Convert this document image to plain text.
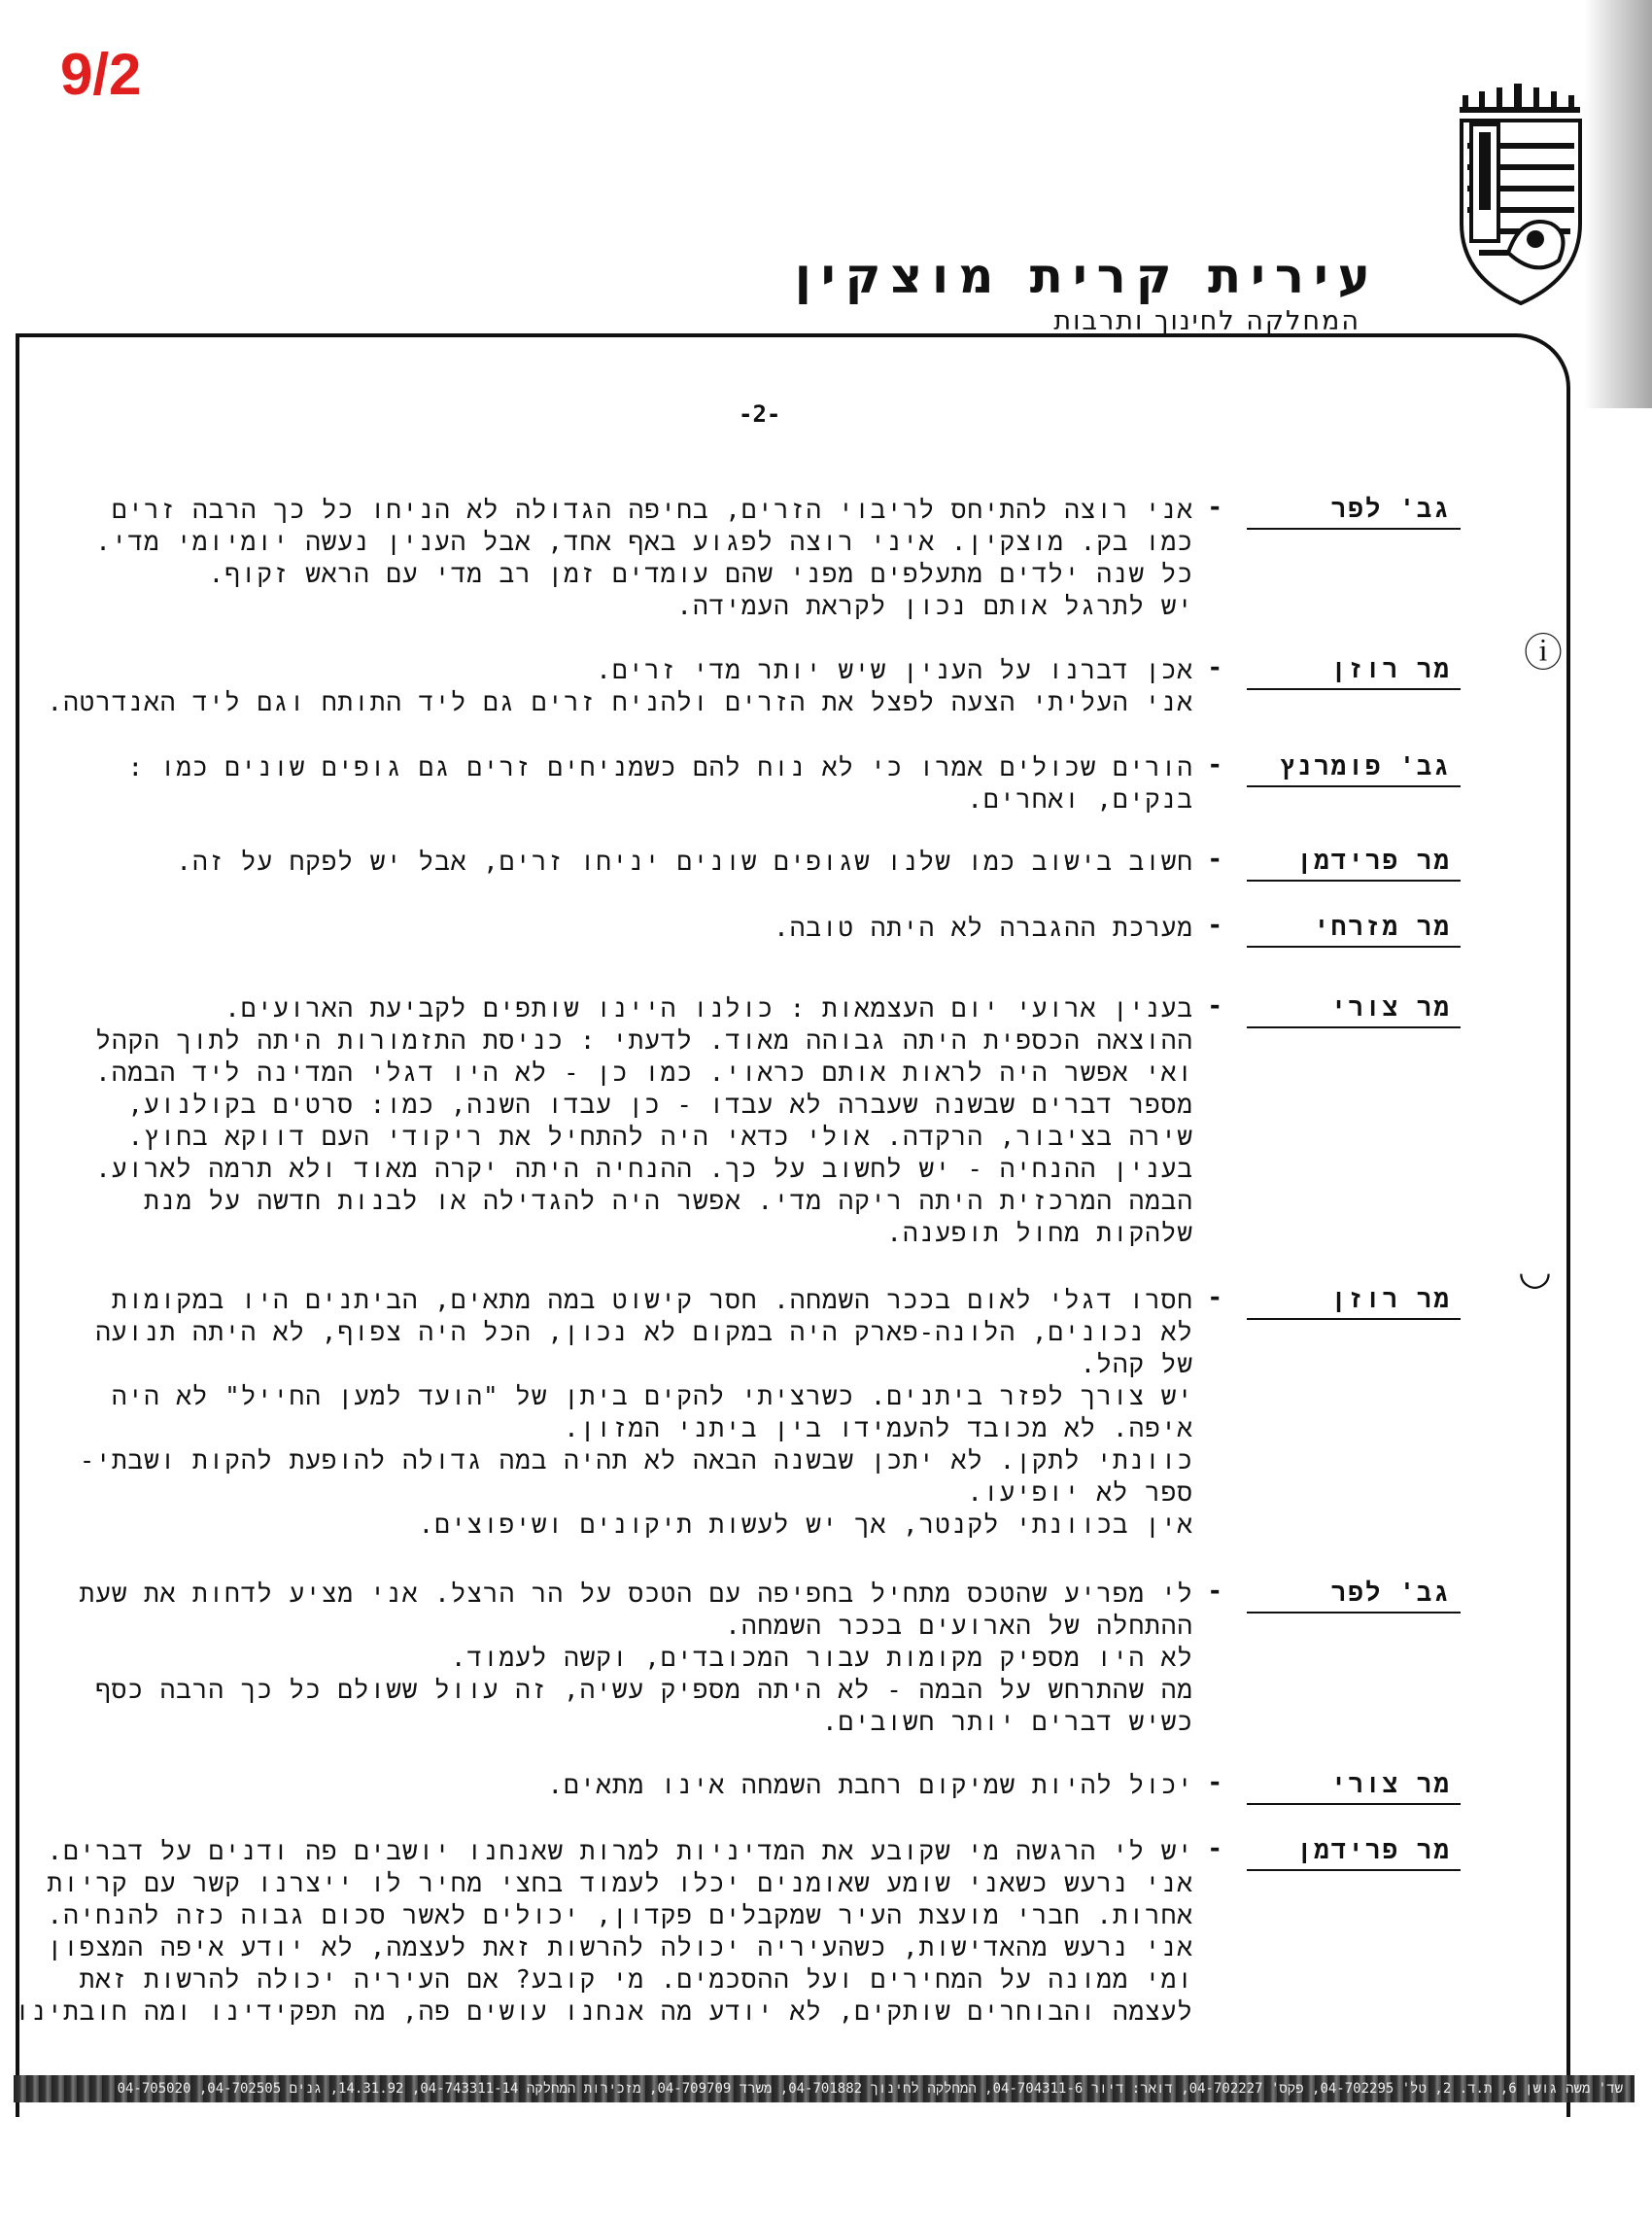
9/2
עירית קרית מוצקין
המחלקה לחינוך ותרבות
-2-
גב' לפר
-
אני רוצה להתיחס לריבוי הזרים, בחיפה הגדולה לא הניחו כל כך הרבה זרים
כמו בק. מוצקין. איני רוצה לפגוע באף אחד, אבל הענין נעשה יומיומי מדי.
כל שנה ילדים מתעלפים מפני שהם עומדים זמן רב מדי עם הראש זקוף.
יש לתרגל אותם נכון לקראת העמידה.
מר רוזן
-
אכן דברנו על הענין שיש יותר מדי זרים.
אני העליתי הצעה לפצל את הזרים ולהניח זרים גם ליד התותח וגם ליד האנדרטה.
גב' פומרנץ
-
הורים שכולים אמרו כי לא נוח להם כשמניחים זרים גם גופים שונים כמו :
בנקים, ואחרים.
מר פרידמן
-
חשוב בישוב כמו שלנו שגופים שונים יניחו זרים, אבל יש לפקח על זה.
מר מזרחי
-
מערכת ההגברה לא היתה טובה.
מר צורי
-
בענין ארועי יום העצמאות : כולנו היינו שותפים לקביעת הארועים.
ההוצאה הכספית היתה גבוהה מאוד. לדעתי : כניסת התזמורות היתה לתוך הקהל
ואי אפשר היה לראות אותם כראוי. כמו כן - לא היו דגלי המדינה ליד הבמה.
מספר דברים שבשנה שעברה לא עבדו - כן עבדו השנה, כמו: סרטים בקולנוע,
שירה בציבור, הרקדה. אולי כדאי היה להתחיל את ריקודי העם דווקא בחוץ.
בענין ההנחיה - יש לחשוב על כך. ההנחיה היתה יקרה מאוד ולא תרמה לארוע.
הבמה המרכזית היתה ריקה מדי. אפשר היה להגדילה או לבנות חדשה על מנת
שלהקות מחול תופענה.
מר רוזן
-
חסרו דגלי לאום בככר השמחה. חסר קישוט במה מתאים, הביתנים היו במקומות
לא נכונים, הלונה-פארק היה במקום לא נכון, הכל היה צפוף, לא היתה תנועה
של קהל.
יש צורך לפזר ביתנים. כשרציתי להקים ביתן של "הועד למען החייל" לא היה
איפה. לא מכובד להעמידו בין ביתני המזון.
כוונתי לתקן. לא יתכן שבשנה הבאה לא תהיה במה גדולה להופעת להקות ושבתי-
ספר לא יופיעו.
אין בכוונתי לקנטר, אך יש לעשות תיקונים ושיפוצים.
גב' לפר
-
לי מפריע שהטכס מתחיל בחפיפה עם הטכס על הר הרצל. אני מציע לדחות את שעת
ההתחלה של הארועים בככר השמחה.
לא היו מספיק מקומות עבור המכובדים, וקשה לעמוד.
מה שהתרחש על הבמה - לא היתה מספיק עשיה, זה עוול ששולם כל כך הרבה כסף
כשיש דברים יותר חשובים.
מר צורי
-
יכול להיות שמיקום רחבת השמחה אינו מתאים.
מר פרידמן
-
יש לי הרגשה מי שקובע את המדיניות למרות שאנחנו יושבים פה ודנים על דברים.
אני נרעש כשאני שומע שאומנים יכלו לעמוד בחצי מחיר לו ייצרנו קשר עם קריות
אחרות. חברי מועצת העיר שמקבלים פקדון, יכולים לאשר סכום גבוה כזה להנחיה.
אני נרעש מהאדישות, כשהעיריה יכולה להרשות זאת לעצמה, לא יודע איפה המצפון
ומי ממונה על המחירים ועל ההסכמים. מי קובע? אם העיריה יכולה להרשות זאת
לעצמה והבוחרים שותקים, לא יודע מה אנחנו עושים פה, מה תפקידינו ומה חובתינו
ⓘ
◡
שד' משה גושן 6, ת.ד. 2, טל' 04-702295, פקס' 04-702227, דואר: דיור 04-704311-6, המחלקה לחינוך 04-701882, משרד 04-709709, מזכירות המחלקה 04-743311-14, 14.31.92, גנים 04-702505, 04-705020
